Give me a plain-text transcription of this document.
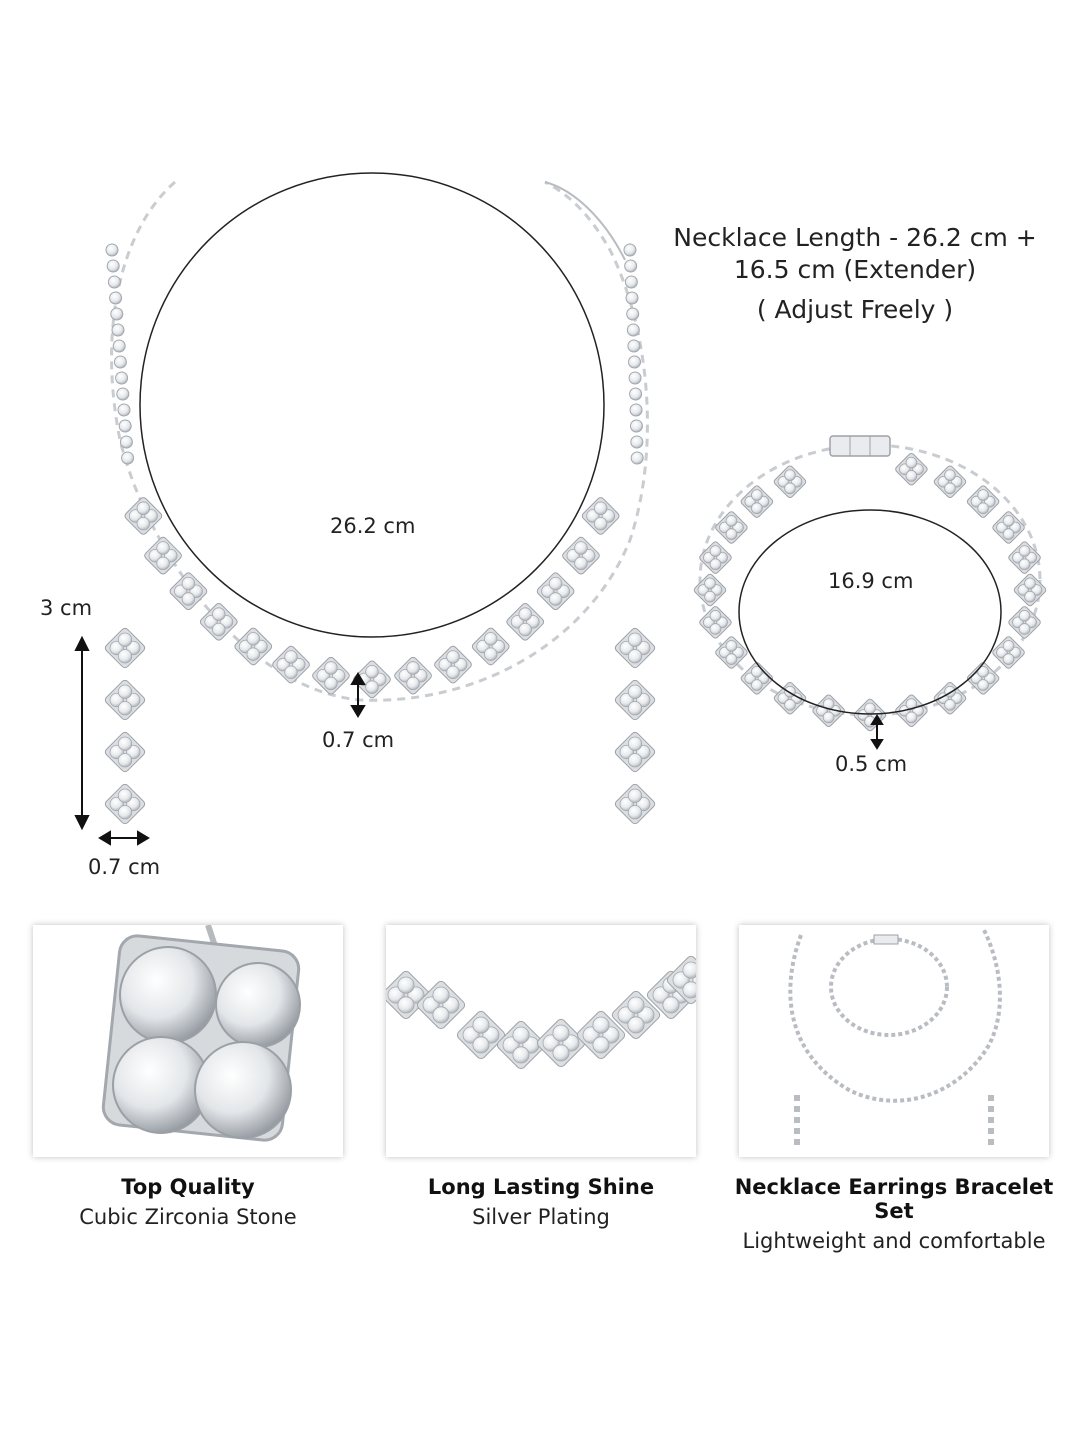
Necklace Length - 26.2 cm +
16.5 cm (Extender)
( Adjust Freely )
26.2 cm
0.7 cm
16.9 cm
0.5 cm
3 cm
0.7 cm
Top Quality
Cubic Zirconia Stone
Long Lasting Shine
Silver Plating
Necklace Earrings Bracelet Set
Lightweight and comfortable
